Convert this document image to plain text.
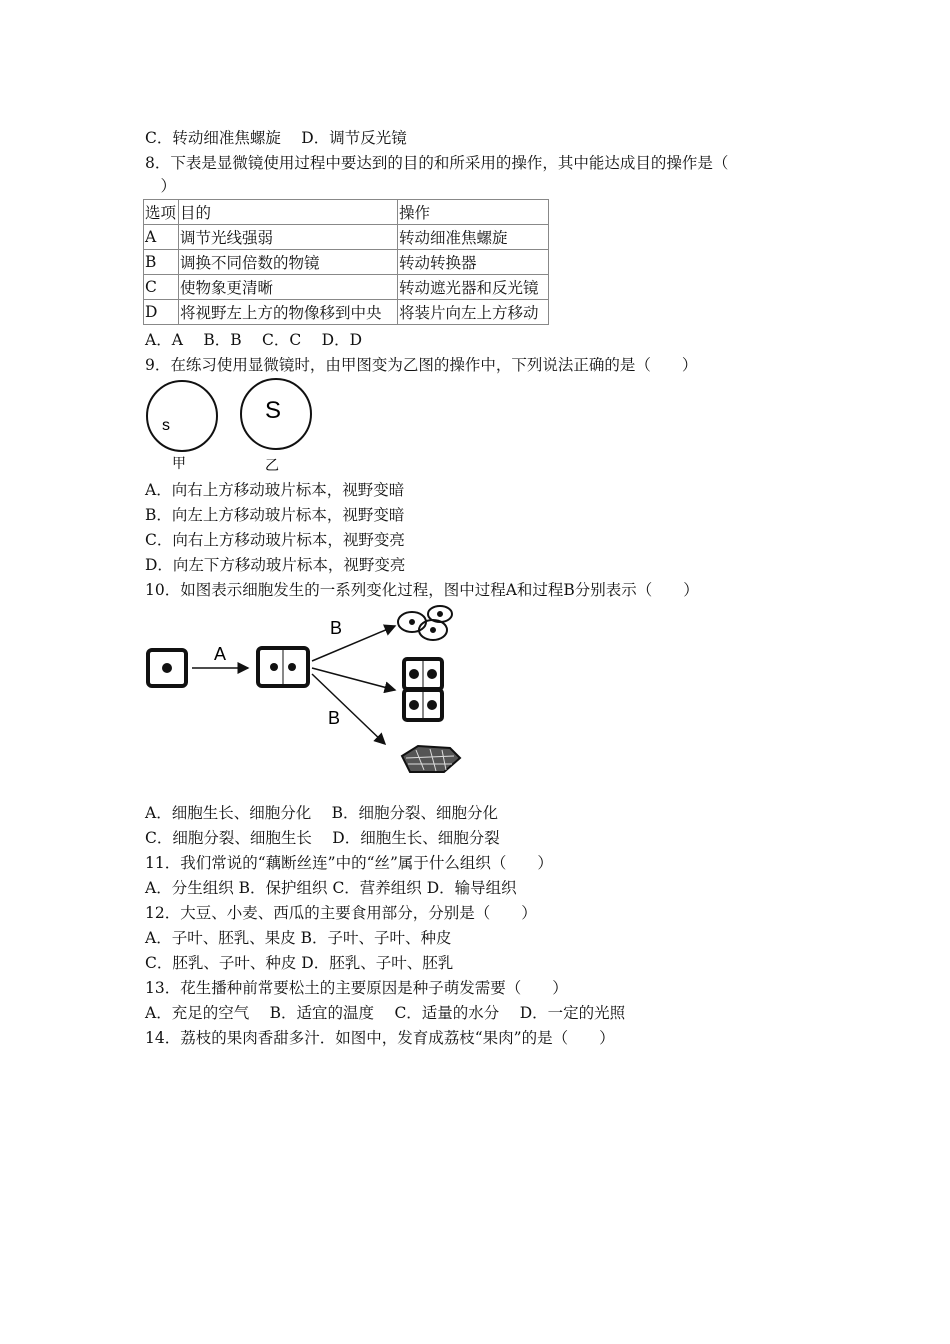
C．转动细准焦螺旋　 D．调节反光镜
8．下表是显微镜使用过程中要达到的目的和所采用的操作，其中能达成目的操作是（
　）
选项	目的	操作
A	调节光线强弱	转动细准焦螺旋
B	调换不同倍数的物镜	转动转换器
C	使物象更清晰	转动遮光器和反光镜
D	将视野左上方的物像移到中央	将装片向左上方移动
A．A　 B．B　 C．C　 D．D
9．在练习使用显微镜时，由甲图变为乙图的操作中，下列说法正确的是（　　）
s
S
甲	乙
A．向右上方移动玻片标本，视野变暗
B．向左上方移动玻片标本，视野变暗
C．向右上方移动玻片标本，视野变亮
D．向左下方移动玻片标本，视野变亮
10．如图表示细胞发生的一系列变化过程，图中过程A和过程B分别表示（　　）
A
B
B
A．细胞生长、细胞分化　 B．细胞分裂、细胞分化
C．细胞分裂、细胞生长　 D．细胞生长、细胞分裂
11．我们常说的“藕断丝连”中的“丝”属于什么组织（　　）
A．分生组织 B．保护组织 C．营养组织 D．输导组织
12．大豆、小麦、西瓜的主要食用部分，分别是（　　）
A．子叶、胚乳、果皮 B．子叶、子叶、种皮
C．胚乳、子叶、种皮 D．胚乳、子叶、胚乳
13．花生播种前常要松土的主要原因是种子萌发需要（　　）
A．充足的空气　 B．适宜的温度　 C．适量的水分　 D．一定的光照
14．荔枝的果肉香甜多汁．如图中，发育成荔枝“果肉”的是（　　）
